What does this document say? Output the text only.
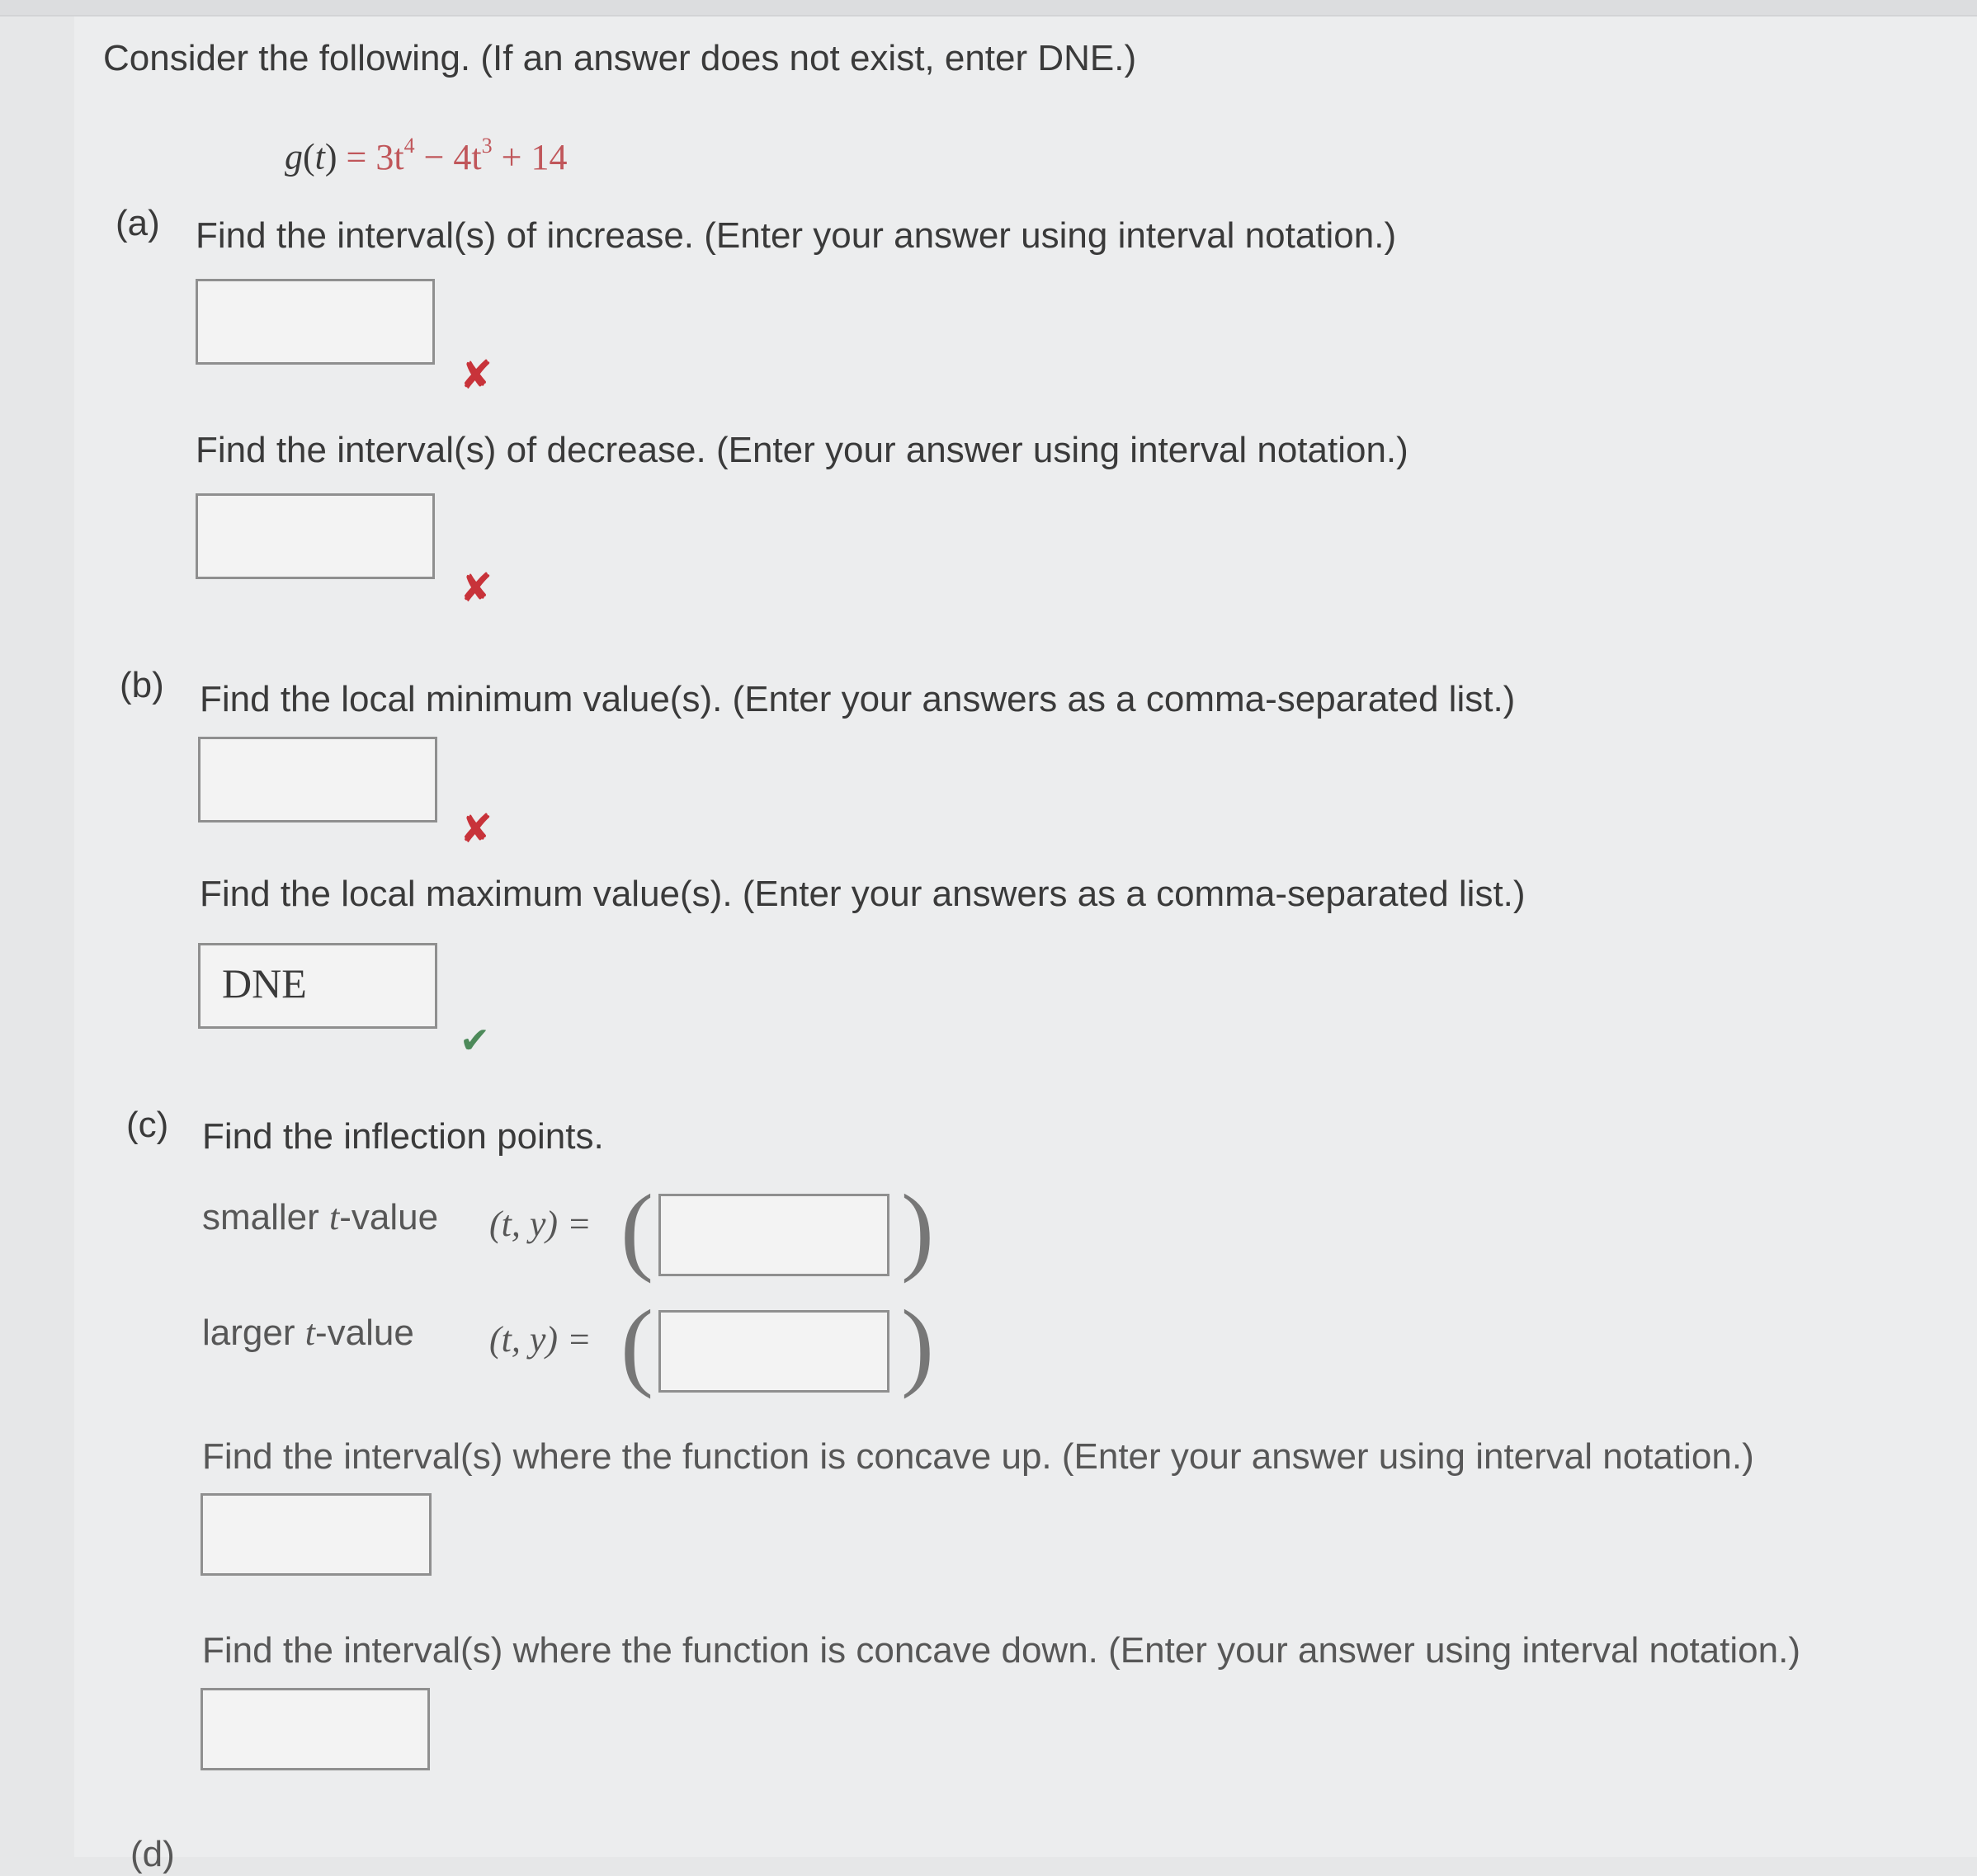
Consider the following. (If an answer does not exist, enter DNE.)
$g(t) = 3t^4 - 4t^3 + 14$
(a) Find the interval(s) of increase. (Enter your answer using interval notation.)
✘
Find the interval(s) of decrease. (Enter your answer using interval notation.)
✘
(b) Find the local minimum value(s). (Enter your answers as a comma-separated list.)
✘
Find the local maximum value(s). (Enter your answers as a comma-separated list.)
DNE
✔
(c) Find the inflection points.
smaller t-value (t, y) = (	)
larger t-value (t, y) = (	)
Find the interval(s) where the function is concave up. (Enter your answer using interval notation.)
Find the interval(s) where the function is concave down. (Enter your answer using interval notation.)
(d)
